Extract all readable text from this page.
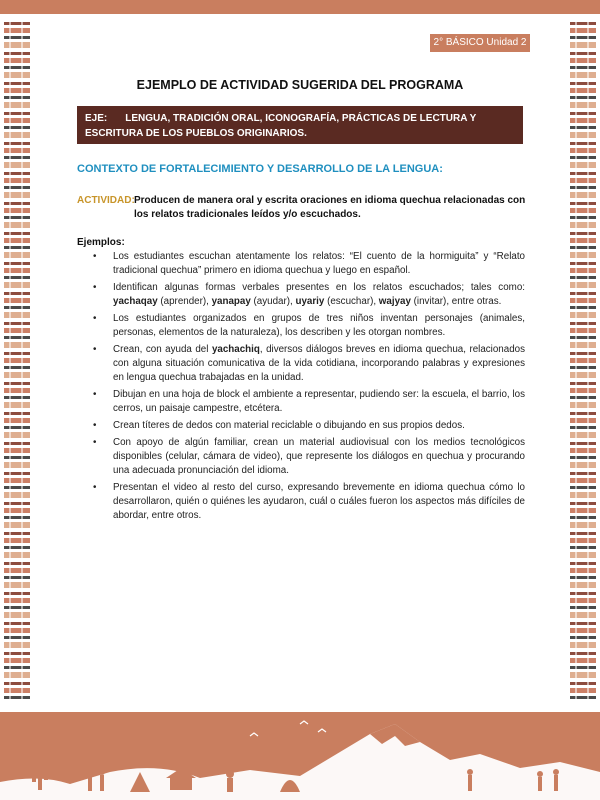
2° BÁSICO Unidad 2
EJEMPLO DE ACTIVIDAD SUGERIDA DEL PROGRAMA
EJE: LENGUA, TRADICIÓN ORAL, ICONOGRAFÍA, PRÁCTICAS DE LECTURA Y ESCRITURA DE LOS PUEBLOS ORIGINARIOS.
CONTEXTO DE FORTALECIMIENTO Y DESARROLLO DE LA LENGUA:
ACTIVIDAD: Producen de manera oral y escrita oraciones en idioma quechua relacionadas con los relatos tradicionales leídos y/o escuchados.
Ejemplos:
• Los estudiantes escuchan atentamente los relatos: “El cuento de la hormiguita” y “Relato tradicional quechua” primero en idioma quechua y luego en español.
• Identifican algunas formas verbales presentes en los relatos escuchados; tales como: yachaqay (aprender), yanapay (ayudar), uyariy (escuchar), wajyay (invitar), entre otras.
• Los estudiantes organizados en grupos de tres niños inventan personajes (animales, personas, elementos de la naturaleza), los describen y les otorgan nombres.
• Crean, con ayuda del yachachiq, diversos diálogos breves en idioma quechua, relacionados con alguna situación comunicativa de la vida cotidiana, incorporando palabras y expresiones en lengua quechua trabajadas en la unidad.
• Dibujan en una hoja de block el ambiente a representar, pudiendo ser: la escuela, el barrio, los cerros, un paisaje campestre, etcétera.
• Crean títeres de dedos con material reciclable o dibujando en sus propios dedos.
• Con apoyo de algún familiar, crean un material audiovisual con los medios tecnológicos disponibles (celular, cámara de video), que represente los diálogos en quechua y procurando una adecuada pronunciación del idioma.
• Presentan el video al resto del curso, expresando brevemente en idioma quechua cómo lo desarrollaron, quién o quiénes les ayudaron, cuál o cuáles fueron los aspectos más difíciles de abordar, entre otros.
